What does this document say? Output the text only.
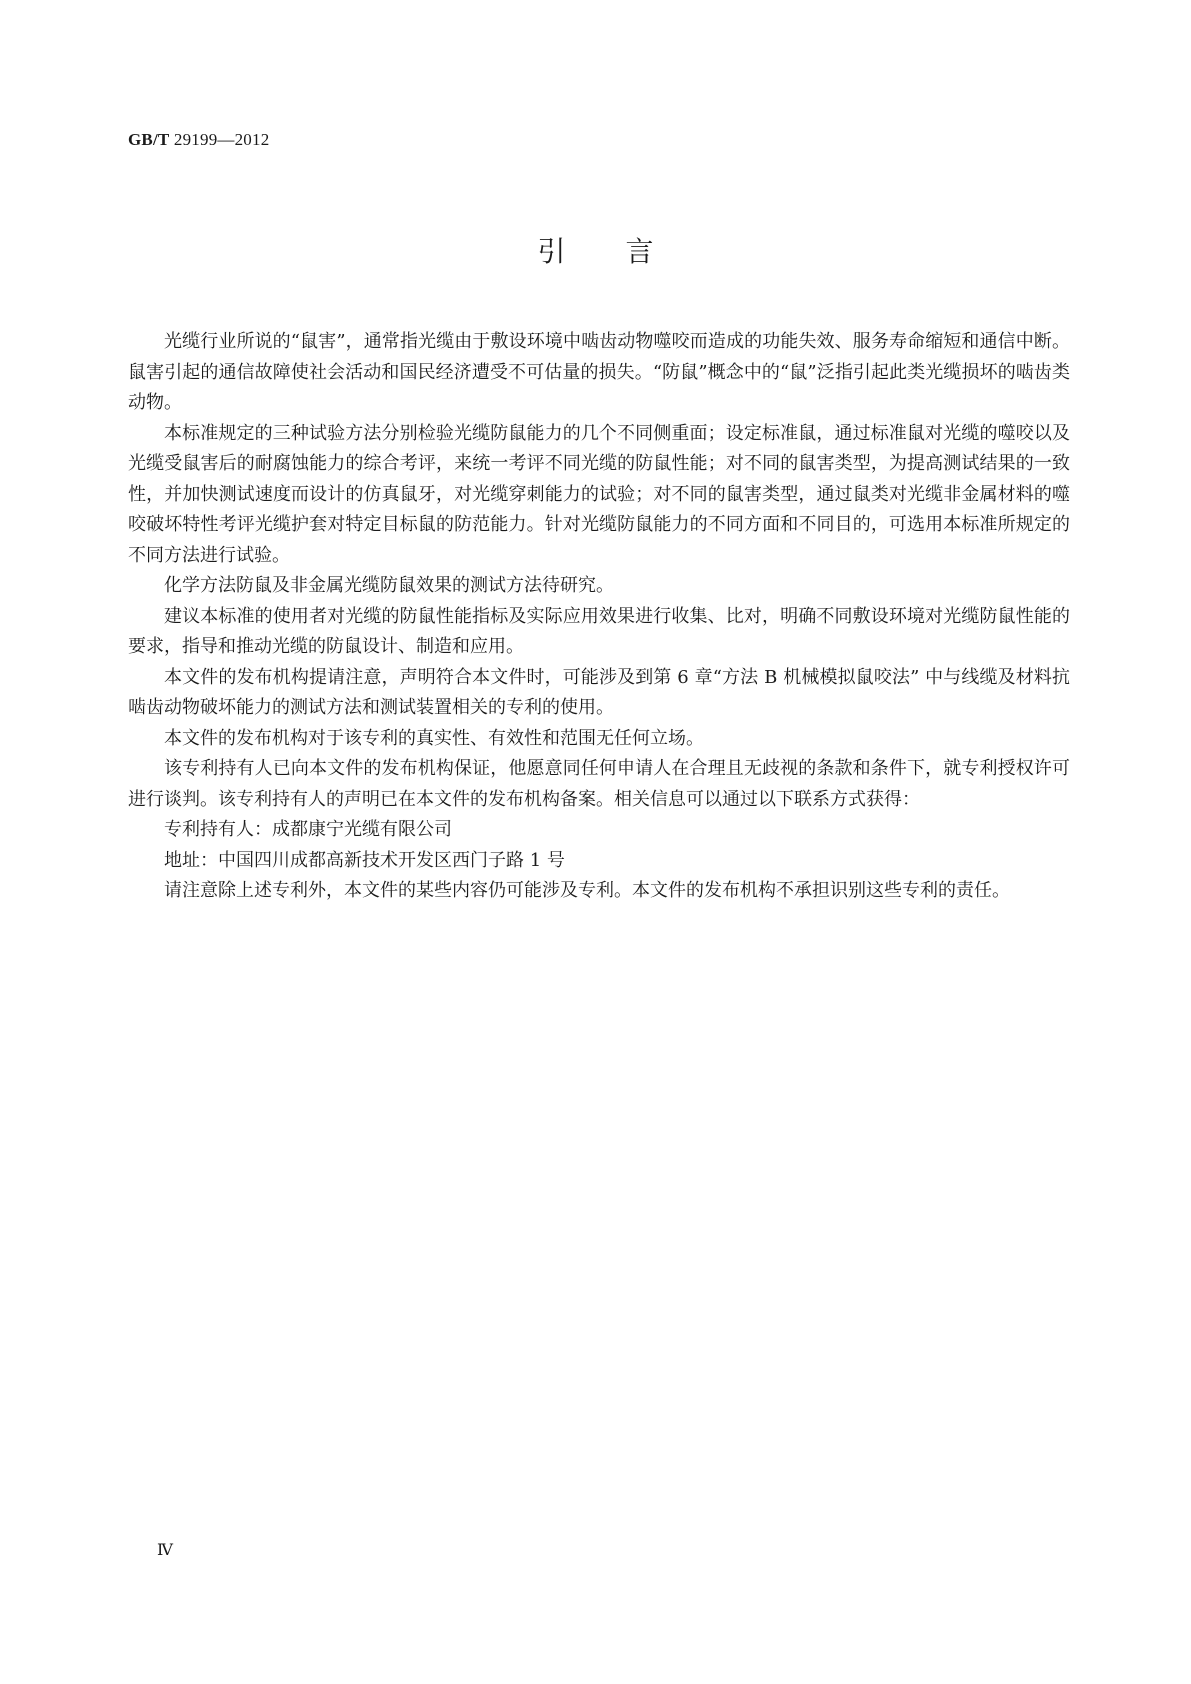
GB/T 29199—2012
引言

光缆行业所说的“鼠害”，通常指光缆由于敷设环境中啮齿动物噬咬而造成的功能失效、服务寿命缩短和通信中断。鼠害引起的通信故障使社会活动和国民经济遭受不可估量的损失。“防鼠”概念中的“鼠”泛指引起此类光缆损坏的啮齿类动物。

本标准规定的三种试验方法分别检验光缆防鼠能力的几个不同侧重面；设定标准鼠，通过标准鼠对光缆的噬咬以及光缆受鼠害后的耐腐蚀能力的综合考评，来统一考评不同光缆的防鼠性能；对不同的鼠害类型，为提高测试结果的一致性，并加快测试速度而设计的仿真鼠牙，对光缆穿刺能力的试验；对不同的鼠害类型，通过鼠类对光缆非金属材料的噬咬破坏特性考评光缆护套对特定目标鼠的防范能力。针对光缆防鼠能力的不同方面和不同目的，可选用本标准所规定的不同方法进行试验。

化学方法防鼠及非金属光缆防鼠效果的测试方法待研究。

建议本标准的使用者对光缆的防鼠性能指标及实际应用效果进行收集、比对，明确不同敷设环境对光缆防鼠性能的要求，指导和推动光缆的防鼠设计、制造和应用。

本文件的发布机构提请注意，声明符合本文件时，可能涉及到第 6 章“方法 B 机械模拟鼠咬法” 中与线缆及材料抗啮齿动物破坏能力的测试方法和测试装置相关的专利的使用。

本文件的发布机构对于该专利的真实性、有效性和范围无任何立场。

该专利持有人已向本文件的发布机构保证，他愿意同任何申请人在合理且无歧视的条款和条件下，就专利授权许可进行谈判。该专利持有人的声明已在本文件的发布机构备案。相关信息可以通过以下联系方式获得：

专利持有人：成都康宁光缆有限公司

地址：中国四川成都高新技术开发区西门子路 1 号

请注意除上述专利外，本文件的某些内容仍可能涉及专利。本文件的发布机构不承担识别这些专利的责任。

Ⅳ
